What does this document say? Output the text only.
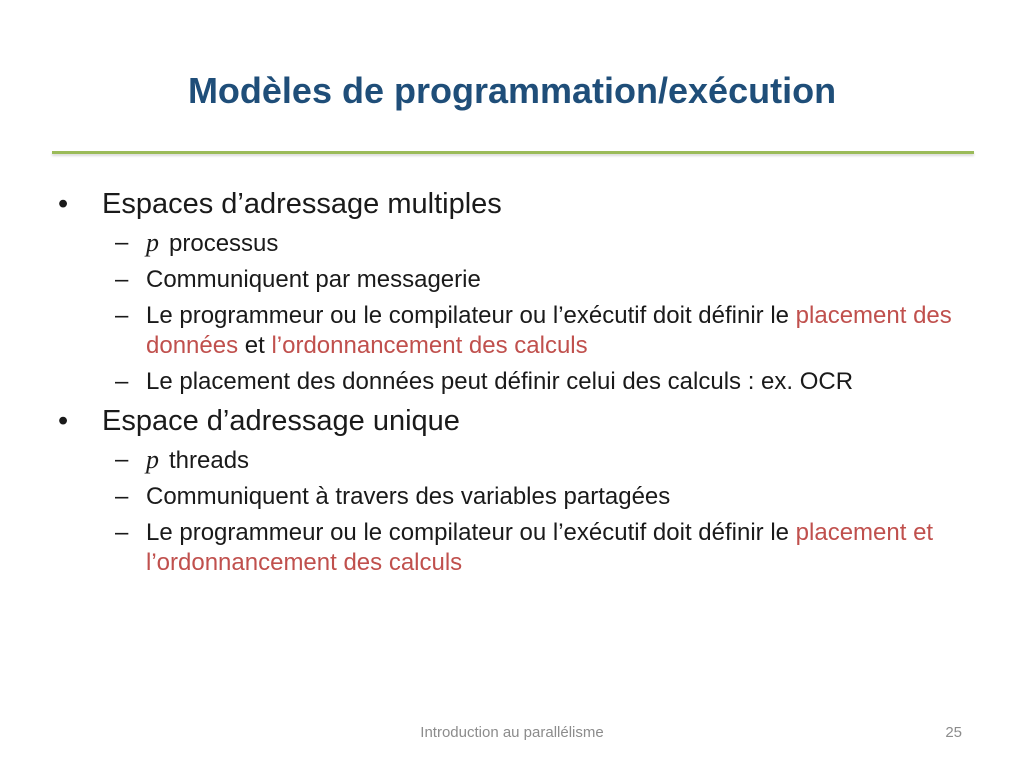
Modèles de programmation/exécution
•	Espaces d’adressage multiples
– p processus
– Communiquent par messagerie
– Le programmeur ou le compilateur ou l’exécutif doit définir le placement des données et l’ordonnancement des calculs
– Le placement des données peut définir celui des calculs : ex. OCR
•	Espace d’adressage unique
– p threads
– Communiquent à travers des variables partagées
– Le programmeur ou le compilateur ou l’exécutif doit définir le placement et l’ordonnancement des calculs
Introduction au parallélisme	25
